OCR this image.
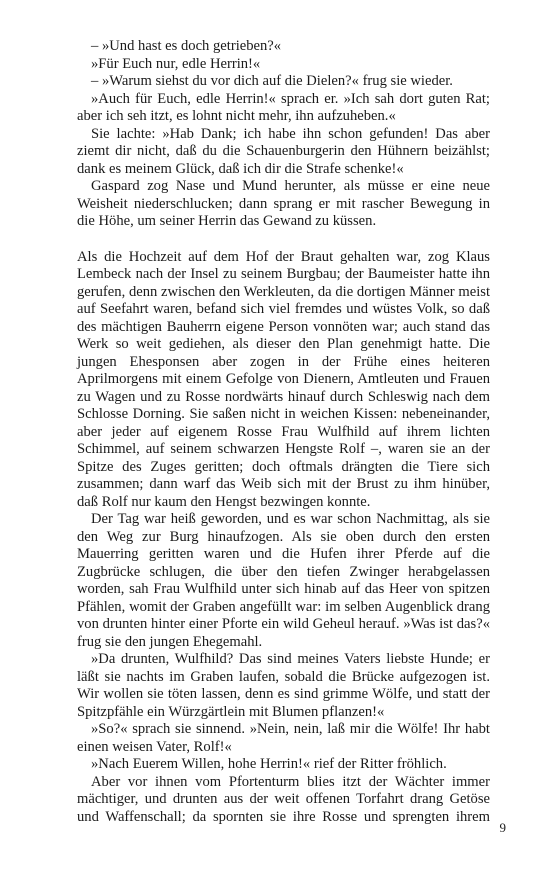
– »Und hast es doch getrieben?«

»Für Euch nur, edle Herrin!«

– »Warum siehst du vor dich auf die Dielen?« frug sie wieder.

»Auch für Euch, edle Herrin!« sprach er. »Ich sah dort guten Rat; aber ich seh itzt, es lohnt nicht mehr, ihn aufzuheben.«

Sie lachte: »Hab Dank; ich habe ihn schon gefunden! Das aber ziemt dir nicht, daß du die Schauenburgerin den Hühnern beizählst; dank es meinem Glück, daß ich dir die Strafe schenke!«

Gaspard zog Nase und Mund herunter, als müsse er eine neue Weisheit niederschlucken; dann sprang er mit rascher Bewegung in die Höhe, um seiner Herrin das Gewand zu küssen.

Als die Hochzeit auf dem Hof der Braut gehalten war, zog Klaus Lembeck nach der Insel zu seinem Burgbau; der Baumeister hatte ihn gerufen, denn zwischen den Werkleuten, da die dortigen Männer meist auf Seefahrt waren, befand sich viel fremdes und wüstes Volk, so daß des mächtigen Bauherrn eigene Person vonnöten war; auch stand das Werk so weit gediehen, als dieser den Plan genehmigt hatte. Die jungen Ehesponsen aber zogen in der Frühe eines heiteren Aprilmorgens mit einem Gefolge von Dienern, Amtleuten und Frauen zu Wagen und zu Rosse nordwärts hinauf durch Schleswig nach dem Schlosse Dorning. Sie saßen nicht in weichen Kissen: nebeneinander, aber jeder auf eigenem Rosse Frau Wulfhild auf ihrem lichten Schimmel, auf seinem schwarzen Hengste Rolf –, waren sie an der Spitze des Zuges geritten; doch oftmals drängten die Tiere sich zusammen; dann warf das Weib sich mit der Brust zu ihm hinüber, daß Rolf nur kaum den Hengst bezwingen konnte.

Der Tag war heiß geworden, und es war schon Nachmittag, als sie den Weg zur Burg hinaufzogen. Als sie oben durch den ersten Mauerring geritten waren und die Hufen ihrer Pferde auf die Zugbrücke schlugen, die über den tiefen Zwinger herabgelassen worden, sah Frau Wulfhild unter sich hinab auf das Heer von spitzen Pfählen, womit der Graben angefüllt war: im selben Augenblick drang von drunten hinter einer Pforte ein wild Geheul herauf. »Was ist das?« frug sie den jungen Ehegemahl.

»Da drunten, Wulfhild? Das sind meines Vaters liebste Hunde; er läßt sie nachts im Graben laufen, sobald die Brücke aufgezogen ist. Wir wollen sie töten lassen, denn es sind grimme Wölfe, und statt der Spitzpfähle ein Würzgärtlein mit Blumen pflanzen!«

»So?« sprach sie sinnend. »Nein, nein, laß mir die Wölfe! Ihr habt einen weisen Vater, Rolf!«

»Nach Euerem Willen, hohe Herrin!« rief der Ritter fröhlich.

Aber vor ihnen vom Pfortenturm blies itzt der Wächter immer mächtiger, und drunten aus der weit offenen Torfahrt drang Getöse und Waffenschall; da spornten sie ihre Rosse und sprengten ihrem

9
